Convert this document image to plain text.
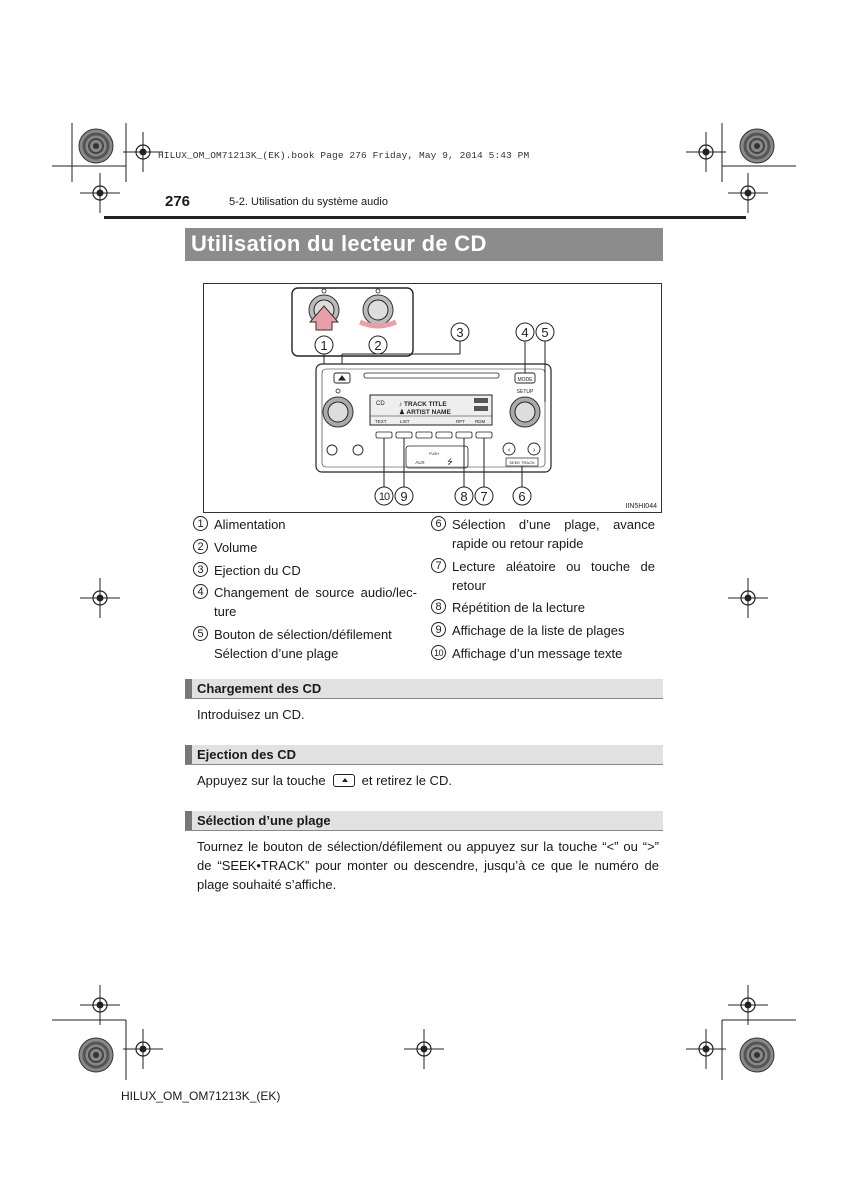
HILUX_OM_OM71213K_(EK).book Page 276 Friday, May 9, 2014 5:43 PM
276	5-2. Utilisation du système audio
Utilisation du lecteur de CD
1	2
3
MODE
4 5
SETUP
CD ♪ TRACK TITLE
♟ ARTIST NAME
TEXT	LIST	RPT RDM
‹	›
SEEK TRACK
PUSH
AUX	⭍
10 9	8 7 6
IIN5HI044
1 Alimentation
2 Volume
3 Ejection du CD
4 Changement de source audio/lec-ture
5 Bouton de sélection/défilement Sélection d’une plage
6 Sélection d’une plage, avance rapide ou retour rapide
7 Lecture aléatoire ou touche de retour
8 Répétition de la lecture
9 Affichage de la liste de plages
10 Affichage d’un message texte
Chargement des CD
Introduisez un CD.
Ejection des CD
Appuyez sur la touche	et retirez le CD.
Sélection d’une plage
Tournez le bouton de sélection/défilement ou appuyez sur la touche “<” ou “>” de “SEEK•TRACK” pour monter ou descendre, jusqu’à ce que le numéro de plage souhaité s’affiche.
HILUX_OM_OM71213K_(EK)
